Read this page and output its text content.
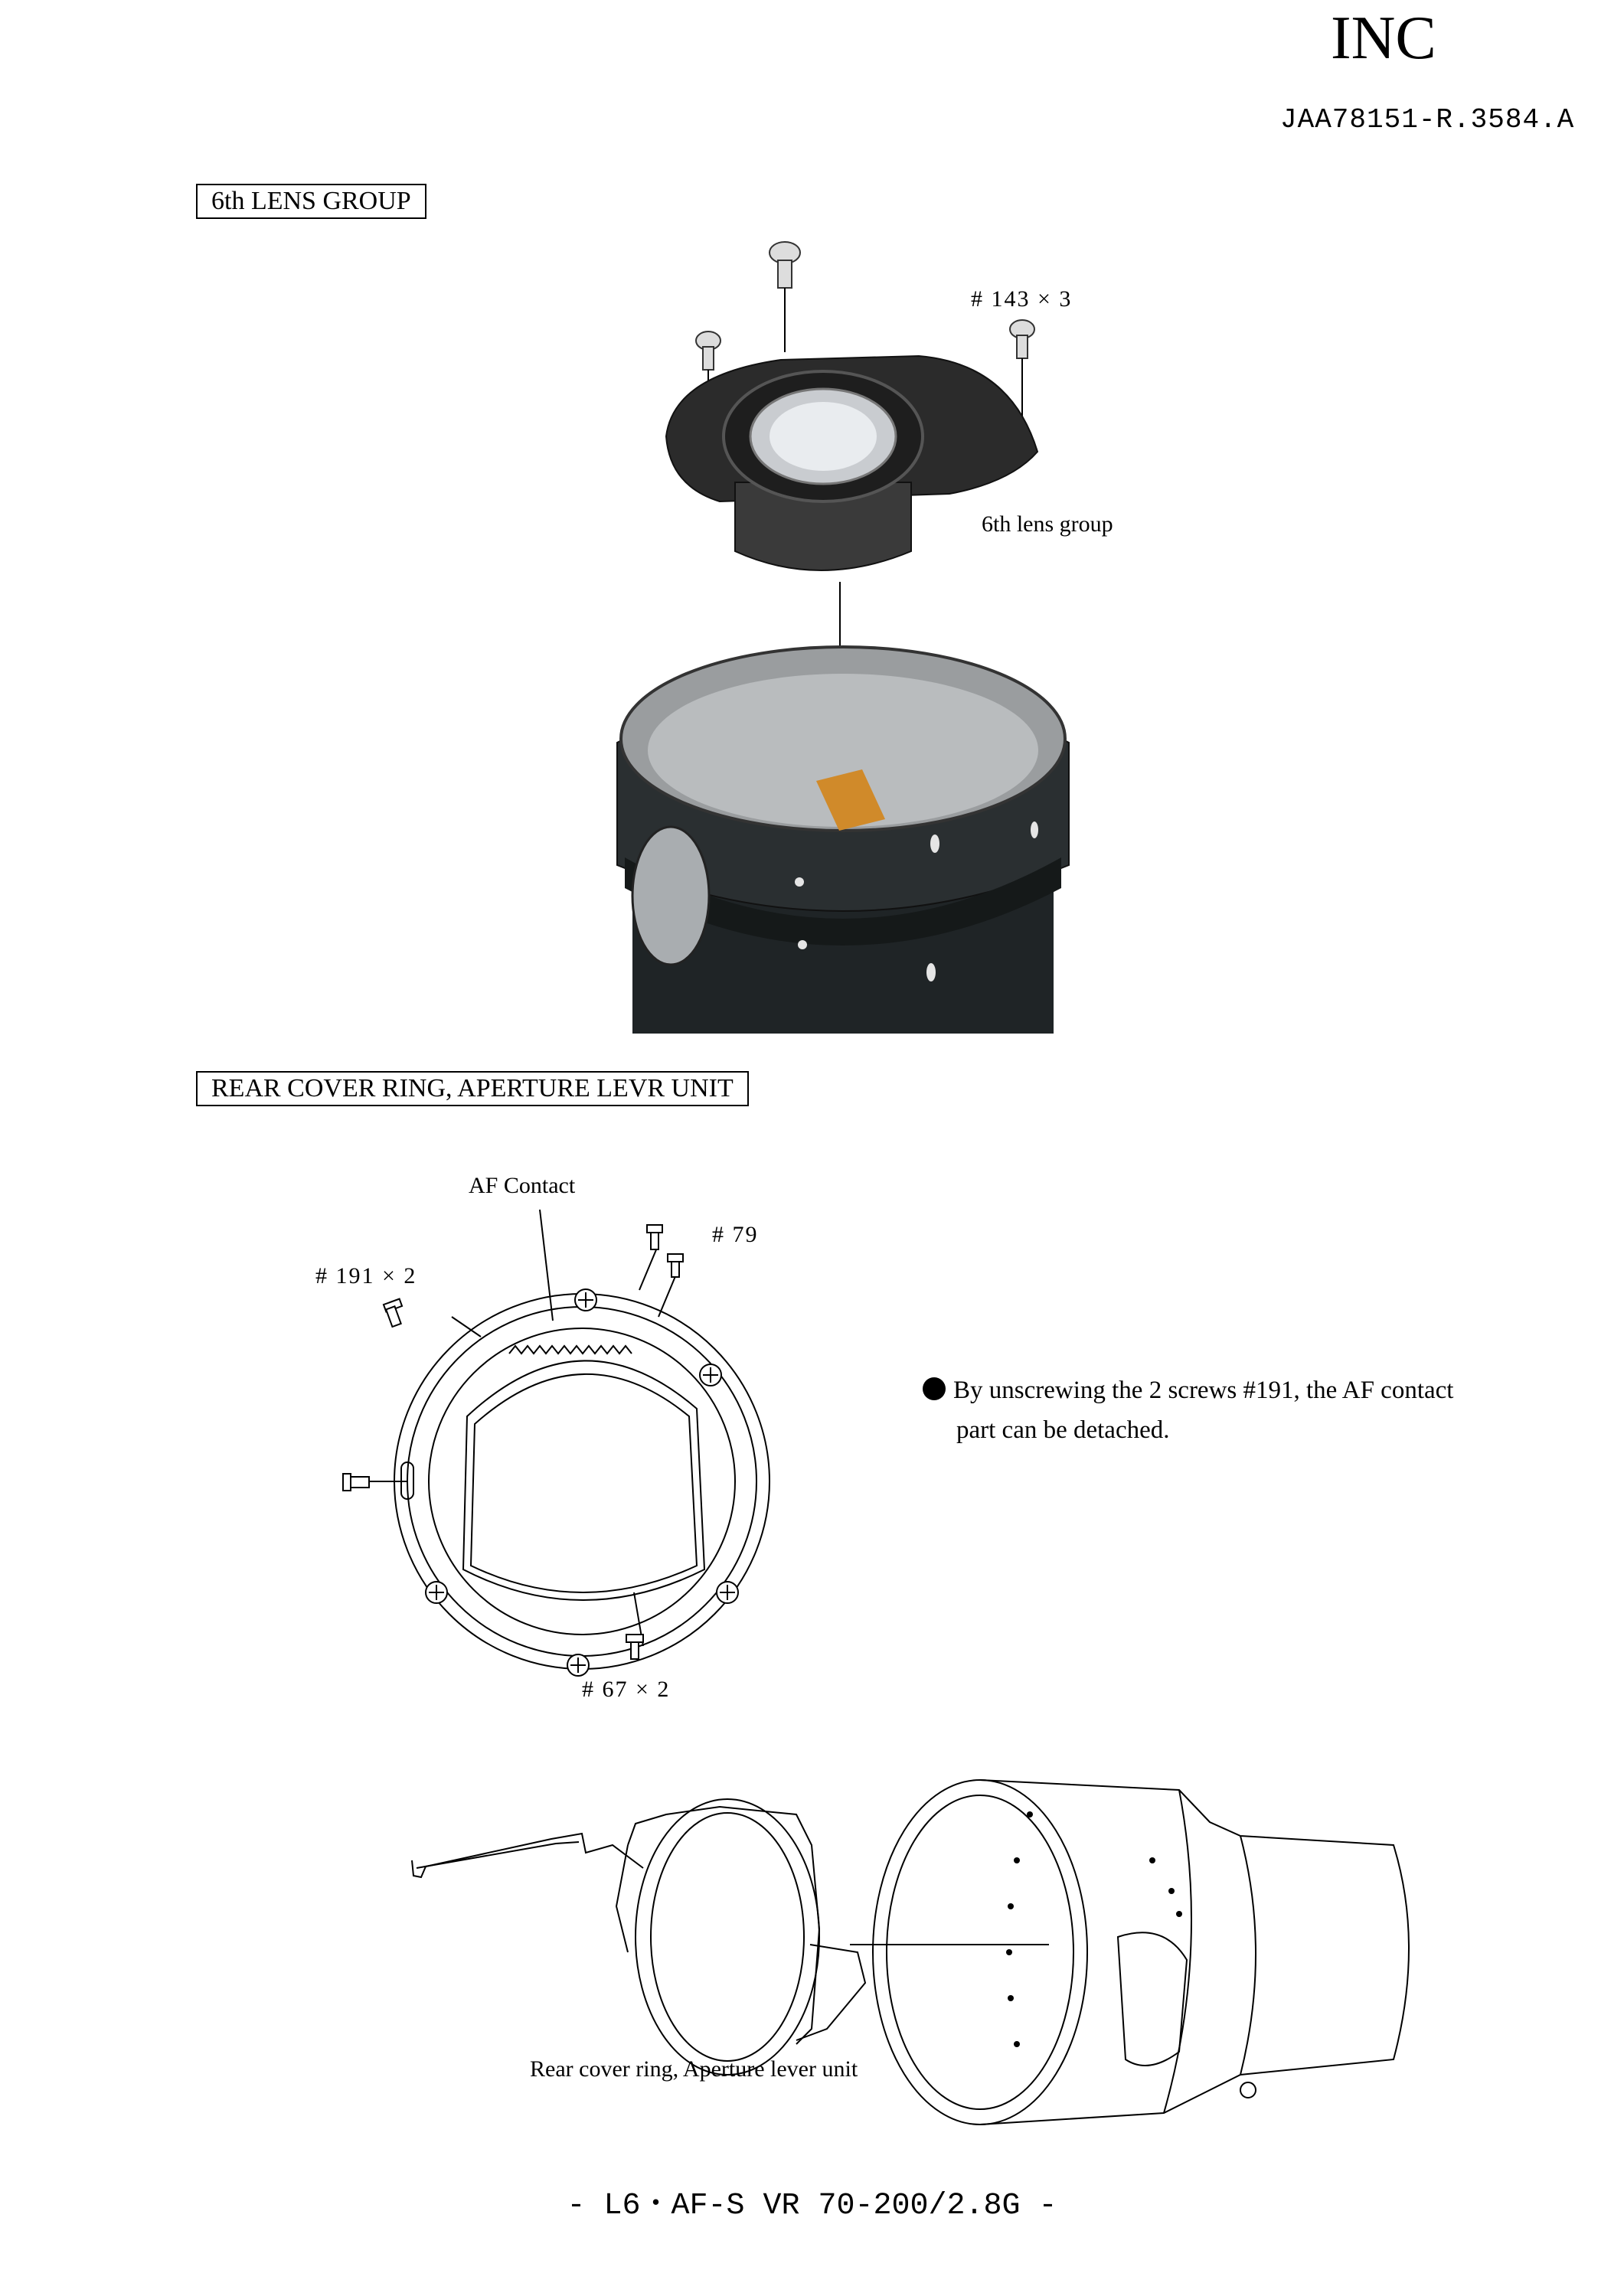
INC
JAA78151-R.3584.A
6th LENS GROUP
# 143 × 3
6th lens group
REAR COVER RING, APERTURE LEVR UNIT
AF Contact
# 79
# 191 × 2
# 67 × 2
By unscrewing the 2 screws #191, the AF contact
part can be detached.
Rear cover ring, Aperture lever unit
- L6・AF-S VR 70-200/2.8G -
